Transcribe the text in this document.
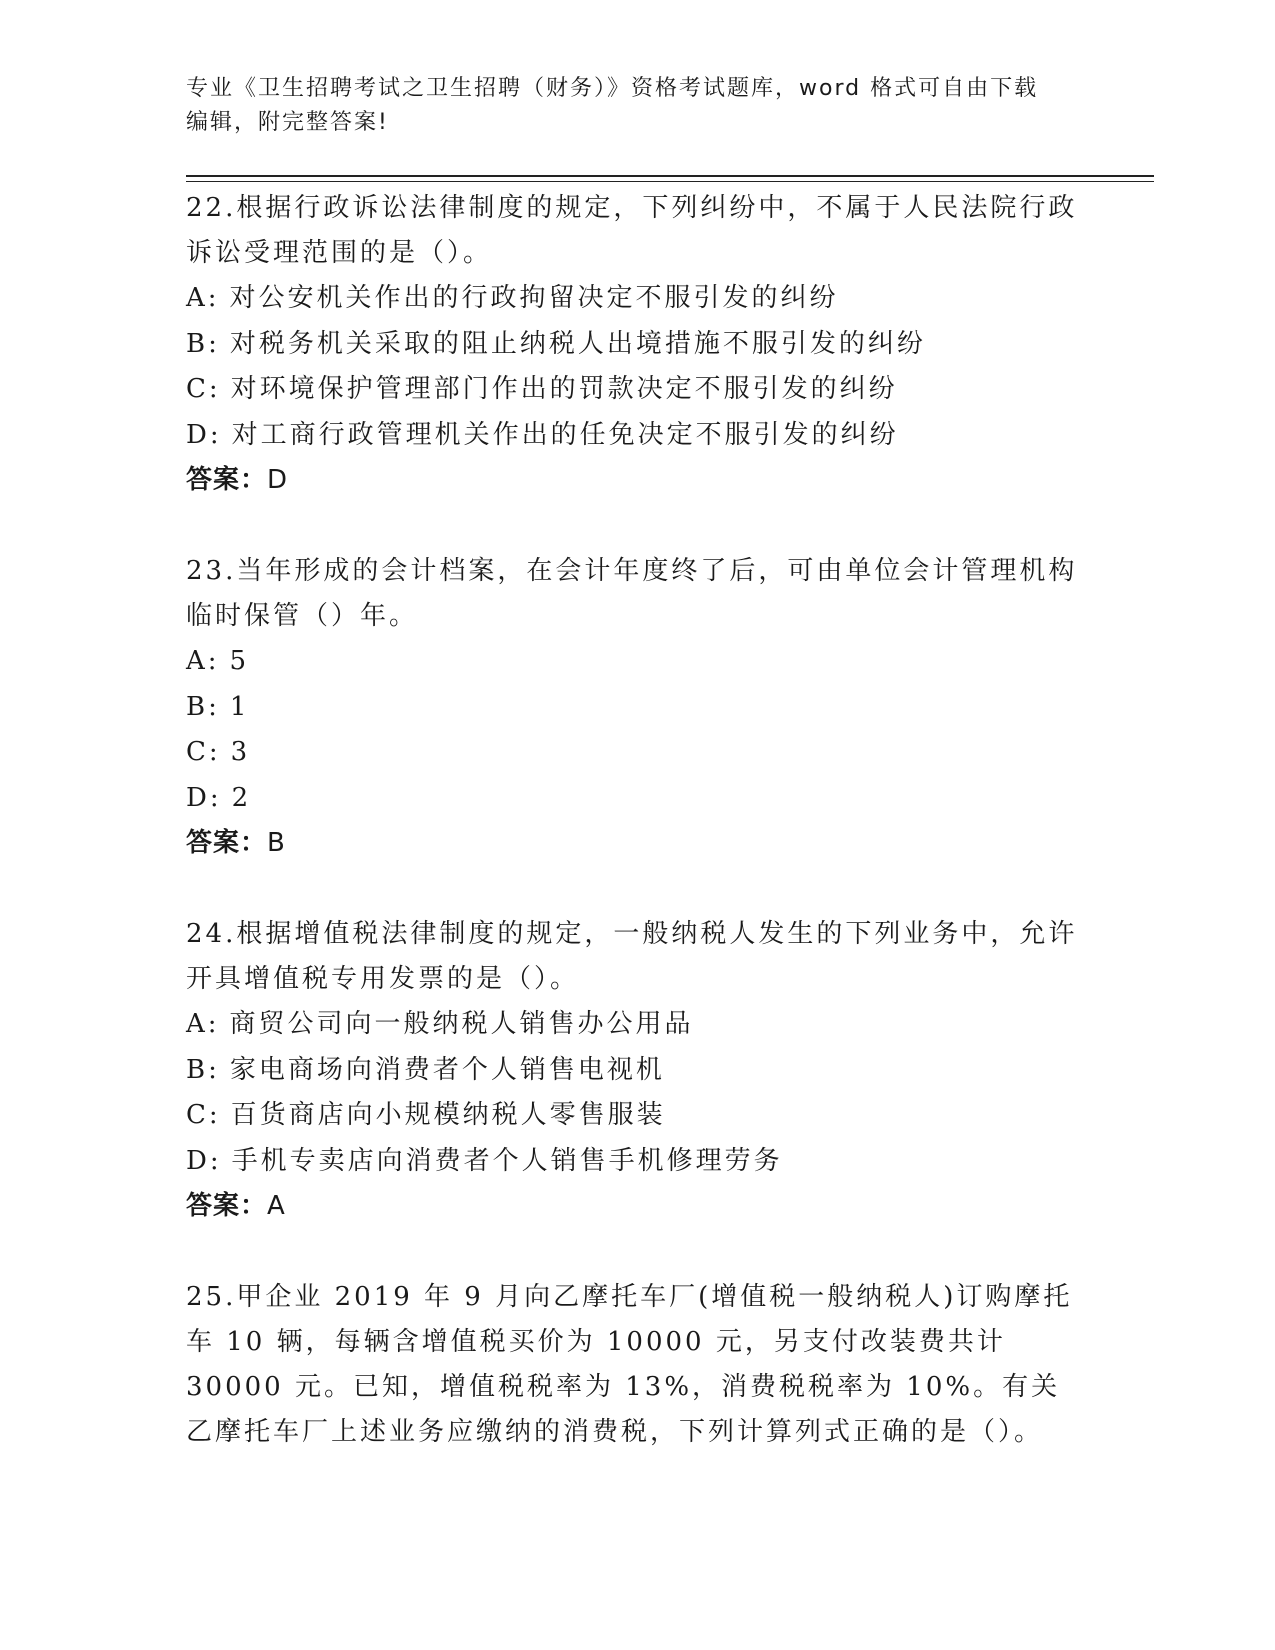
专业《卫生招聘考试之卫生招聘（财务）》资格考试题库，word 格式可自由下载
编辑，附完整答案!

22.根据行政诉讼法律制度的规定，下列纠纷中，不属于人民法院行政诉讼受理范围的是（）。

A: 对公安机关作出的行政拘留决定不服引发的纠纷

B: 对税务机关采取的阻止纳税人出境措施不服引发的纠纷

C: 对环境保护管理部门作出的罚款决定不服引发的纠纷

D: 对工商行政管理机关作出的任免决定不服引发的纠纷

答案：D

23.当年形成的会计档案，在会计年度终了后，可由单位会计管理机构临时保管（）年。

A: 5

B: 1

C: 3

D: 2

答案：B

24.根据增值税法律制度的规定，一般纳税人发生的下列业务中，允许开具增值税专用发票的是（）。

A: 商贸公司向一般纳税人销售办公用品

B: 家电商场向消费者个人销售电视机

C: 百货商店向小规模纳税人零售服装

D: 手机专卖店向消费者个人销售手机修理劳务

答案：A

25.甲企业 2019 年 9 月向乙摩托车厂(增值税一般纳税人)订购摩托车 10 辆，每辆含增值税买价为 10000 元，另支付改装费共计 30000 元。已知，增值税税率为 13%，消费税税率为 10%。有关乙摩托车厂上述业务应缴纳的消费税，下列计算列式正确的是（）。
